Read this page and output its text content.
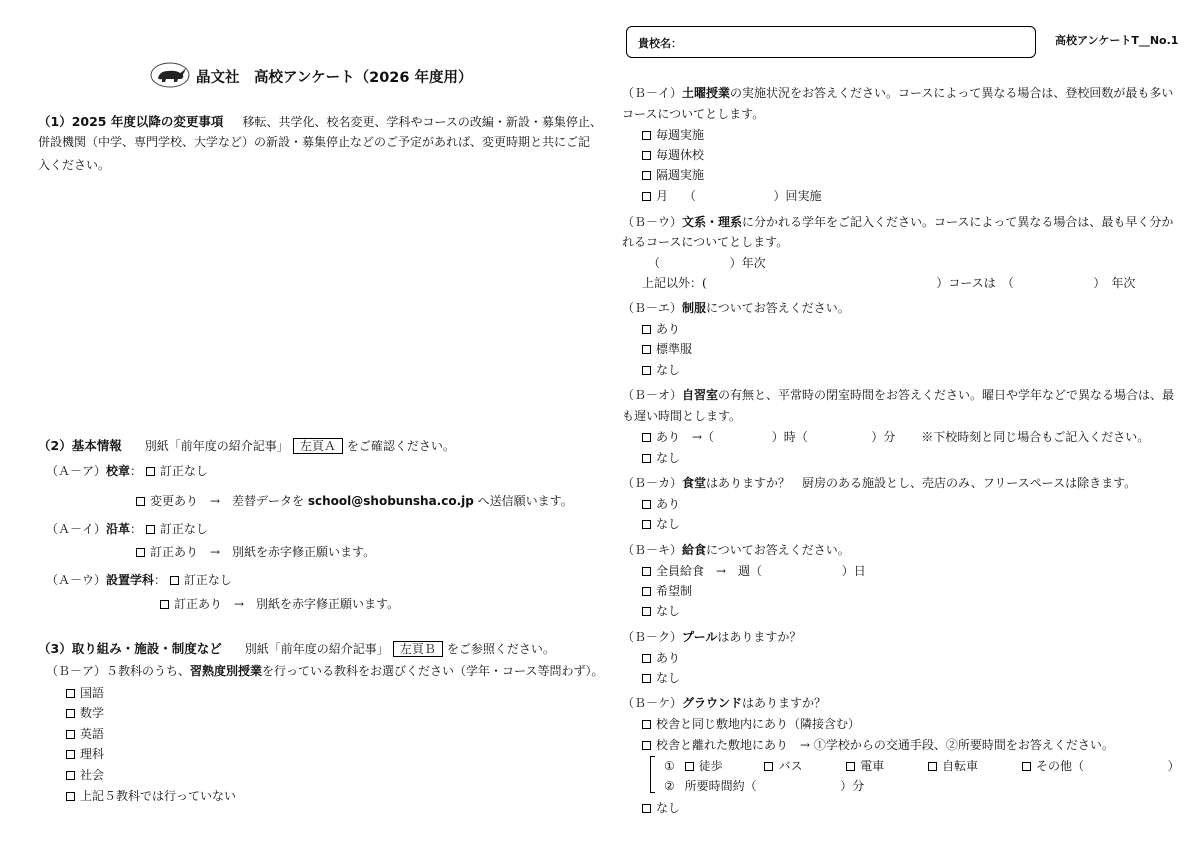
貴校名：	高校アンケートT__No.1
晶文社　高校アンケート（2026 年度用）
（1）2025 年度以降の変更事項 移転、共学化、校名変更、学科やコースの改編・新設・募集停止、
併設機関（中学、専門学校、大学など）の新設・募集停止などのご予定があれば、変更時期と共にご記
入ください。
（2）基本情報 別紙「前年度の紹介記事」 左頁Ａ をご確認ください。
（Ａ－ア）校章： 訂正なし
変更あり　→　差替データを school@shobunsha.co.jp へ送信願います。
（Ａ－イ）沿革： 訂正なし
訂正あり　→　別紙を赤字修正願います。
（Ａ－ウ）設置学科： 訂正なし
訂正あり　→　別紙を赤字修正願います。
（3）取り組み・施設・制度など 別紙「前年度の紹介記事」 左頁Ｂ をご参照ください。
（Ｂ－ア）５教科のうち、習熟度別授業を行っている教科をお選びください（学年・コース等問わず）。
国語
数学
英語
理科
社会
上記５教科では行っていない
（Ｂ－イ）土曜授業の実施状況をお答えください。コースによって異なる場合は、登校回数が最も多い
コースについてとします。
毎週実施
毎週休校
隔週実施
月 （	）回実施
（Ｂ－ウ）文系・理系に分かれる学年をご記入ください。コースによって異なる場合は、最も早く分か
れるコースについてとします。
（	）年次
上記以外：(	）コースは　（	）　年次
（Ｂ－エ）制服についてお答えください。
あり
標準服
なし
（Ｂ－オ）自習室の有無と、平常時の閉室時間をお答えください。曜日や学年などで異なる場合は、最
も遅い時間とします。
あり　→（	）時（	）分 ※下校時刻と同じ場合もご記入ください。
なし
（Ｂ－カ）食堂はありますか？　厨房のある施設とし、売店のみ、フリースペースは除きます。
あり
なし
（Ｂ－キ）給食についてお答えください。
全員給食　→　週（	）日
希望制
なし
（Ｂ－ク）プールはありますか？
あり
なし
（Ｂ－ケ）グラウンドはありますか？
校舎と同じ敷地内にあり（隣接含む）
校舎と離れた敷地にあり　→ ①学校からの交通手段、②所要時間をお答えください。
① 徒歩	バス	電車	自転車	その他（	）
② 所要時間約（	）分
なし
